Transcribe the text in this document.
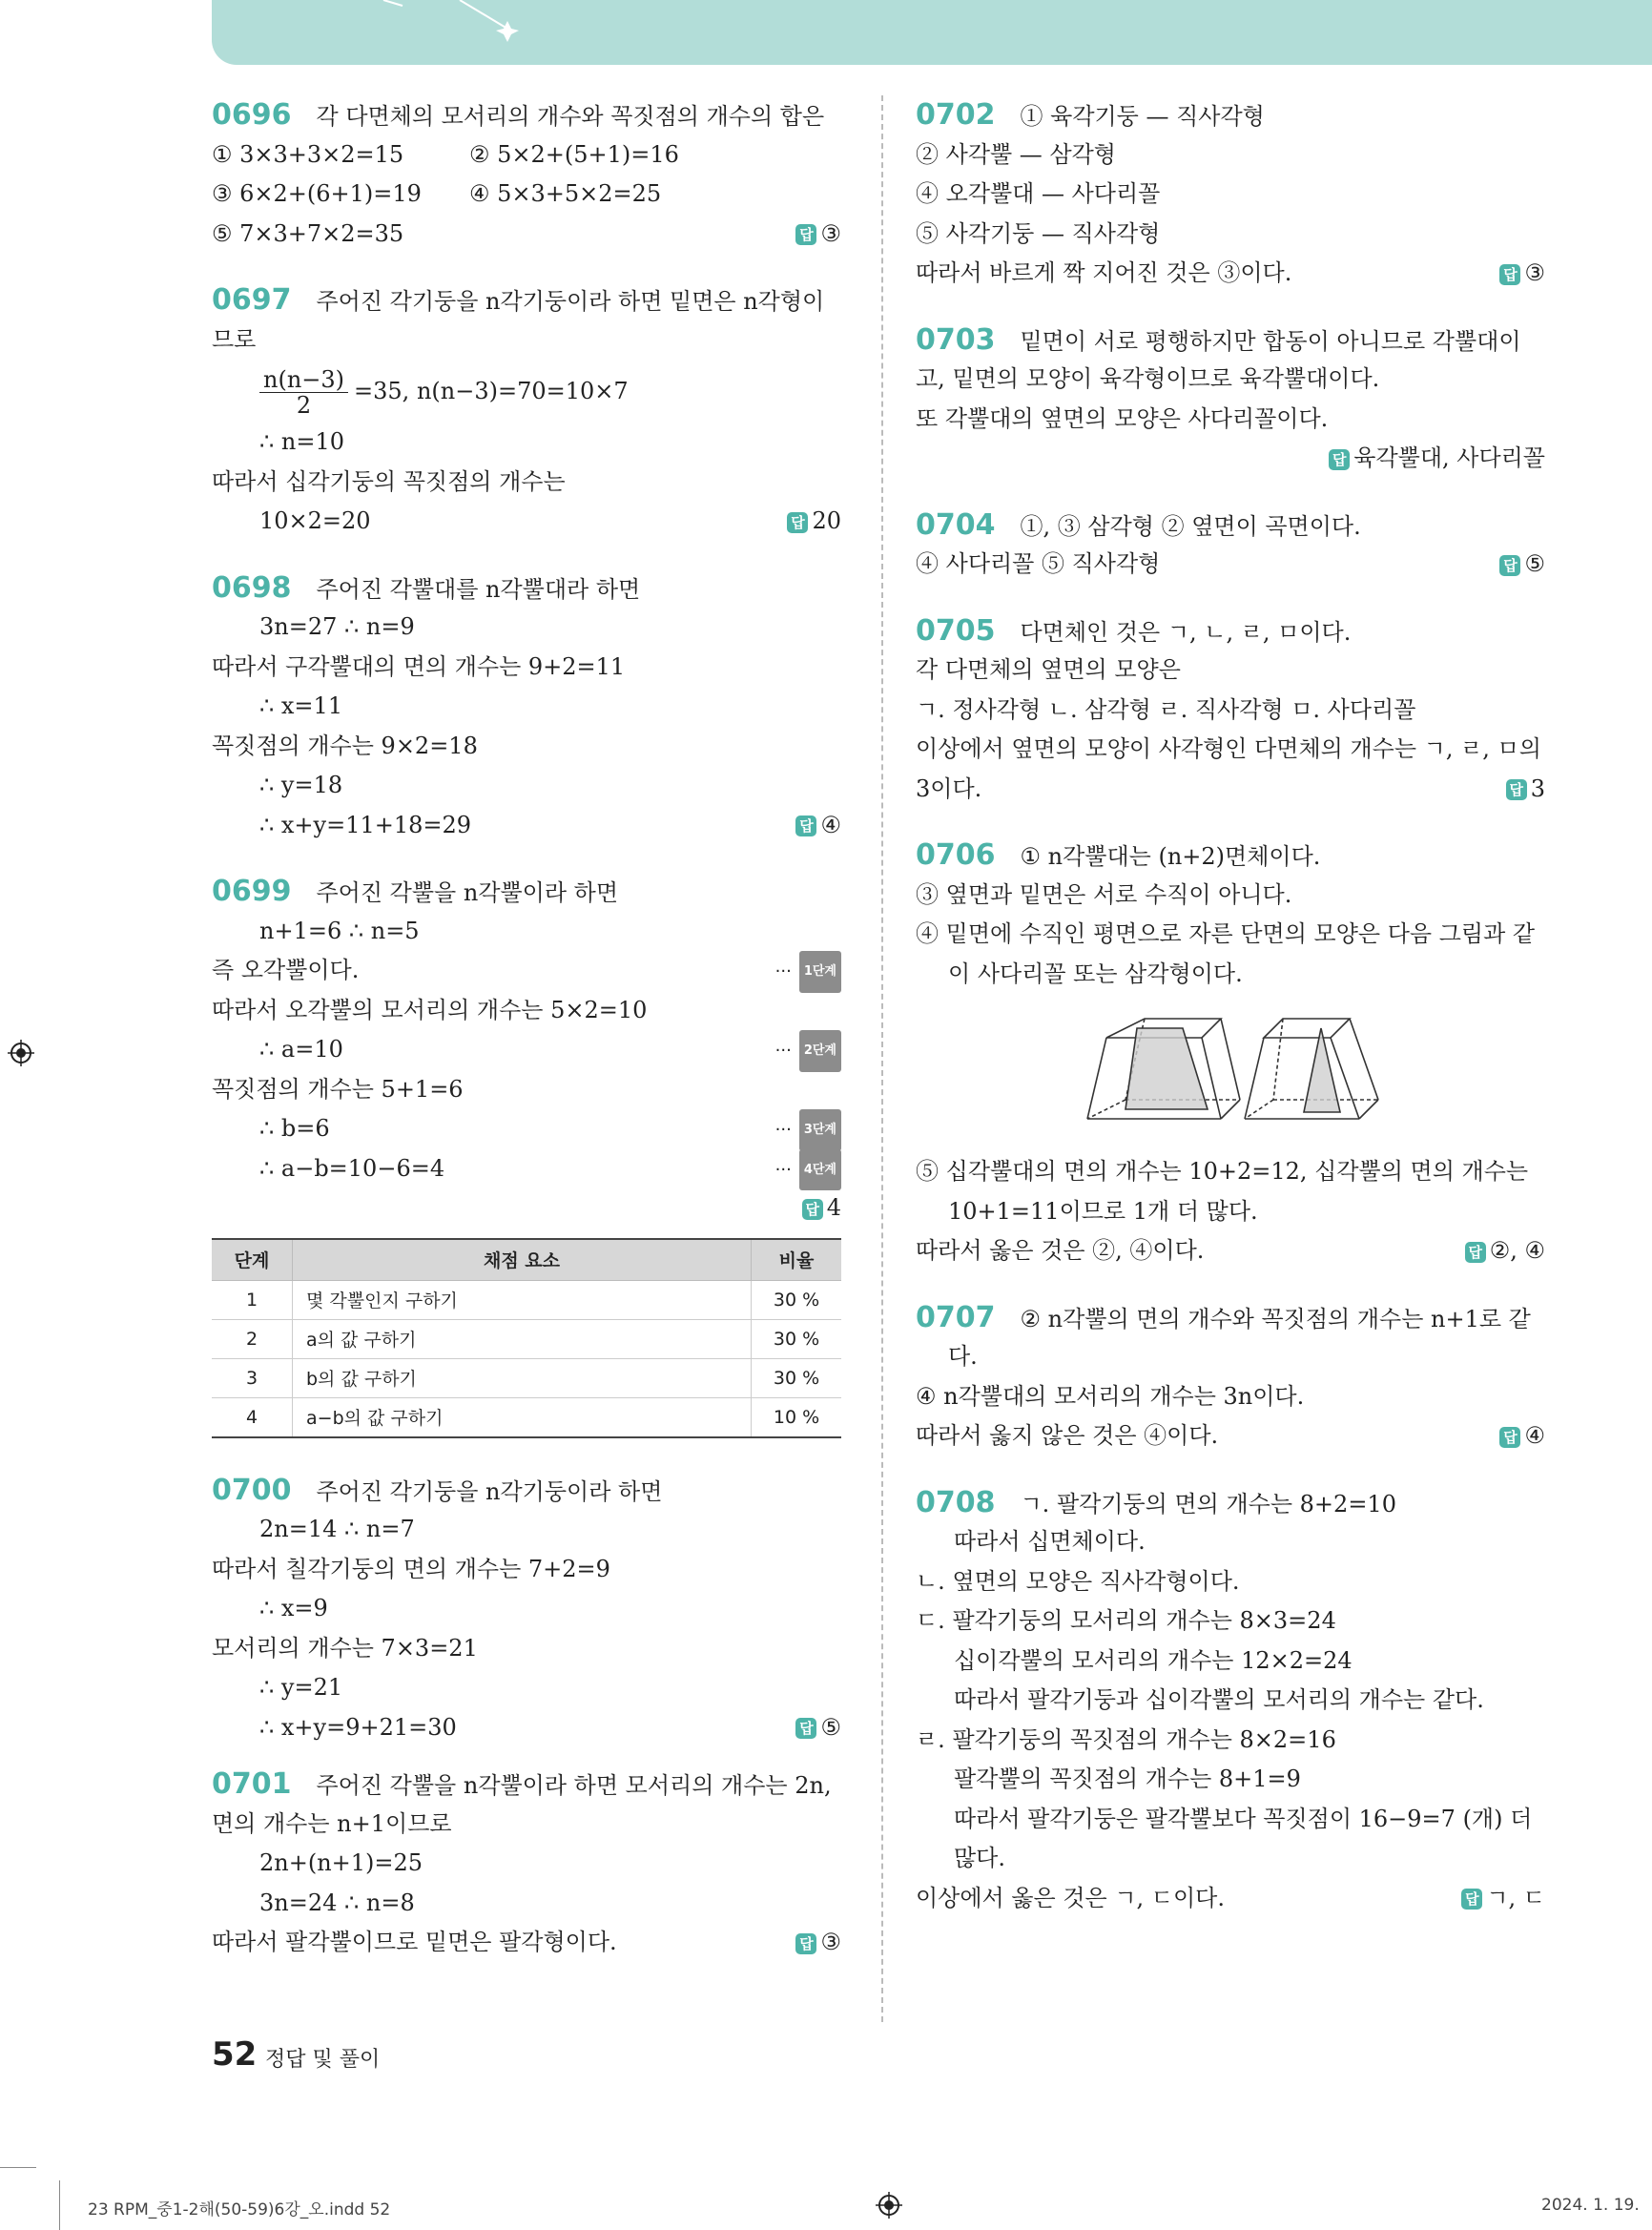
0696 각 다면체의 모서리의 개수와 꼭짓점의 개수의 합은
① 3×3+3×2=15	② 5×2+(5+1)=16
③ 6×2+(6+1)=19 ④ 5×3+5×2=25
⑤ 7×3+7×2=35	답 ③
0697 주어진 각기둥을 n각기둥이라 하면 밑면은 n각형이
므로
$\frac{n(n-3)}{2} =35$, n(n−3)=70=10×7
∴ n=10
따라서 십각기둥의 꼭짓점의 개수는
10×2=20	답 20
0698 주어진 각뿔대를 n각뿔대라 하면
3n=27 ∴ n=9
따라서 구각뿔대의 면의 개수는 9+2=11
∴ x=11
꼭짓점의 개수는 9×2=18
∴ y=18
∴ x+y=11+18=29	답 ④
0699 주어진 각뿔을 n각뿔이라 하면
n+1=6 ∴ n=5
즉 오각뿔이다.	··· 1단계
따라서 오각뿔의 모서리의 개수는 5×2=10
∴ a=10	··· 2단계
꼭짓점의 개수는 5+1=6
∴ b=6	··· 3단계
∴ a−b=10−6=4	··· 4단계
답 4
단계	채점 요소	비율
1	몇 각뿔인지 구하기	30 %
2	a의 값 구하기	30 %
3	b의 값 구하기	30 %
4	a−b의 값 구하기	10 %
0700 주어진 각기둥을 n각기둥이라 하면
2n=14 ∴ n=7
따라서 칠각기둥의 면의 개수는 7+2=9
∴ x=9
모서리의 개수는 7×3=21
∴ y=21
∴ x+y=9+21=30	답 ⑤
0701 주어진 각뿔을 n각뿔이라 하면 모서리의 개수는 2n,
면의 개수는 n+1이므로
2n+(n+1)=25
3n=24 ∴ n=8
따라서 팔각뿔이므로 밑면은 팔각형이다.	답 ③
0702 ① 육각기둥 — 직사각형
② 사각뿔 — 삼각형
④ 오각뿔대 — 사다리꼴
⑤ 사각기둥 — 직사각형
따라서 바르게 짝 지어진 것은 ③이다.	답 ③
0703 밑면이 서로 평행하지만 합동이 아니므로 각뿔대이
고, 밑면의 모양이 육각형이므로 육각뿔대이다.
또 각뿔대의 옆면의 모양은 사다리꼴이다.
답 육각뿔대, 사다리꼴
0704 ①, ③ 삼각형 ② 옆면이 곡면이다.
④ 사다리꼴 ⑤ 직사각형	답 ⑤
0705 다면체인 것은 ㄱ, ㄴ, ㄹ, ㅁ이다.
각 다면체의 옆면의 모양은
ㄱ. 정사각형 ㄴ. 삼각형 ㄹ. 직사각형 ㅁ. 사다리꼴
이상에서 옆면의 모양이 사각형인 다면체의 개수는 ㄱ, ㄹ, ㅁ의
3이다.	답 3
0706 ① n각뿔대는 (n+2)면체이다.
③ 옆면과 밑면은 서로 수직이 아니다.
④ 밑면에 수직인 평면으로 자른 단면의 모양은 다음 그림과 같
이 사다리꼴 또는 삼각형이다.
⑤ 십각뿔대의 면의 개수는 10+2=12, 십각뿔의 면의 개수는
10+1=11이므로 1개 더 많다.
따라서 옳은 것은 ②, ④이다.	답 ②, ④
0707 ② n각뿔의 면의 개수와 꼭짓점의 개수는 n+1로 같
다.
④ n각뿔대의 모서리의 개수는 3n이다.
따라서 옳지 않은 것은 ④이다.	답 ④
0708 ㄱ. 팔각기둥의 면의 개수는 8+2=10
따라서 십면체이다.
ㄴ. 옆면의 모양은 직사각형이다.
ㄷ. 팔각기둥의 모서리의 개수는 8×3=24
십이각뿔의 모서리의 개수는 12×2=24
따라서 팔각기둥과 십이각뿔의 모서리의 개수는 같다.
ㄹ. 팔각기둥의 꼭짓점의 개수는 8×2=16
팔각뿔의 꼭짓점의 개수는 8+1=9
따라서 팔각기둥은 팔각뿔보다 꼭짓점이 16−9=7 (개) 더
많다.
이상에서 옳은 것은 ㄱ, ㄷ이다.	답 ㄱ, ㄷ
52 정답 및 풀이
23 RPM_중1-2해(50-59)6강_오.indd 52	2024. 1. 19.
